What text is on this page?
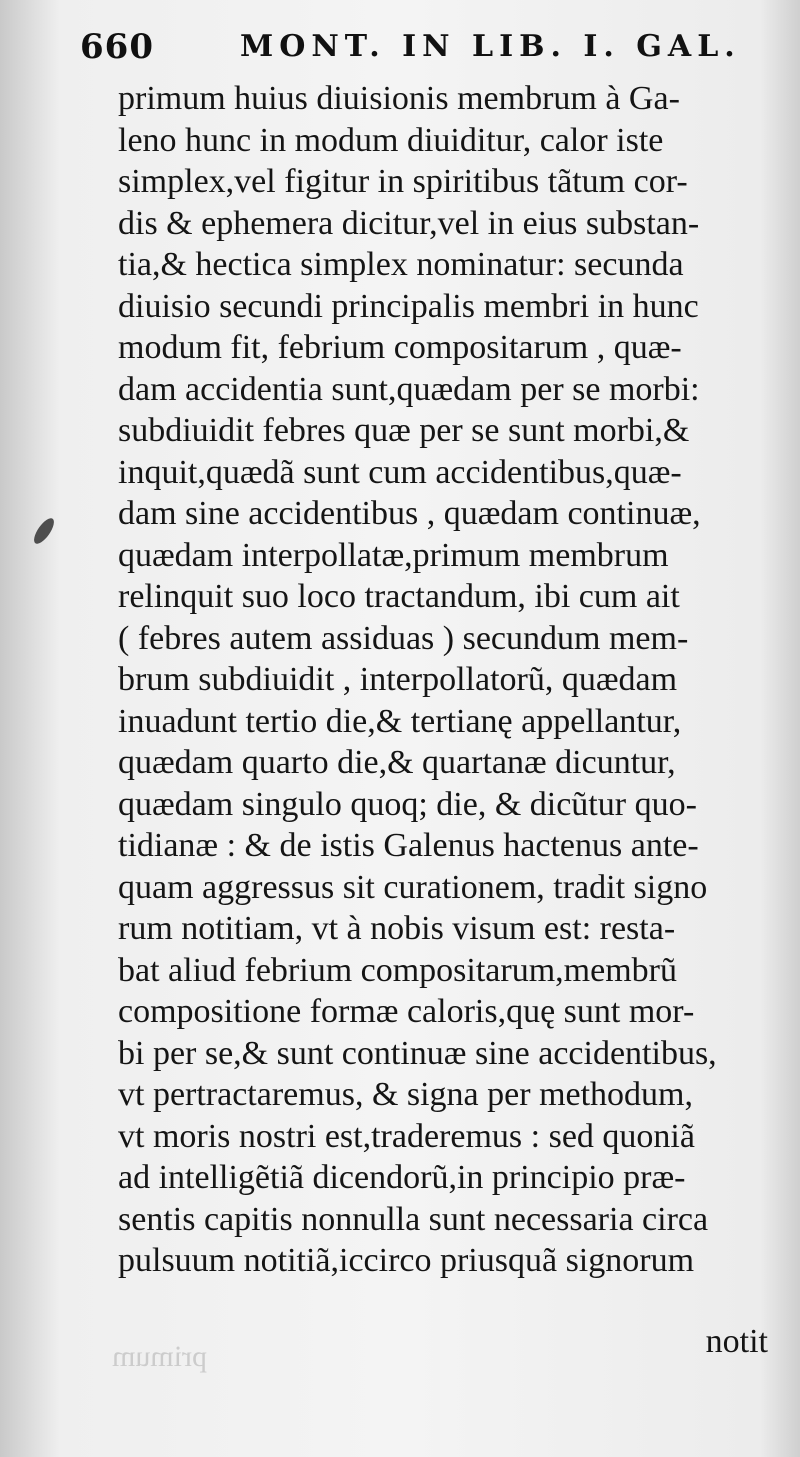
660	MONT. IN LIB. I. GAL.
primum huius diuisionis membrum à Ga-
leno hunc in modum diuiditur, calor iste
simplex,vel figitur in spiritibus tãtum cor-
dis & ephemera dicitur,vel in eius substan-
tia,& hectica simplex nominatur: secunda
diuisio secundi principalis membri in hunc
modum fit, febrium compositarum , quæ-
dam accidentia sunt,quædam per se morbi:
subdiuidit febres quæ per se sunt morbi,&
inquit,quædã sunt cum accidentibus,quæ-
dam sine accidentibus , quædam continuæ,
quædam interpollatæ,primum membrum
relinquit suo loco tractandum, ibi cum ait
( febres autem assiduas ) secundum mem-
brum subdiuidit , interpollatorũ, quædam
inuadunt tertio die,& tertianę appellantur,
quædam quarto die,& quartanæ dicuntur,
quædam singulo quoq; die, & dicũtur quo-
tidianæ : & de istis Galenus hactenus ante-
quam aggressus sit curationem, tradit signo
rum notitiam, vt à nobis visum est: resta-
bat aliud febrium compositarum,membrũ
compositione formæ caloris,quę sunt mor-
bi per se,& sunt continuæ sine accidentibus,
vt pertractaremus, & signa per methodum,
vt moris nostri est,traderemus : sed quoniã
ad intelligẽtiã dicendorũ,in principio præ-
sentis capitis nonnulla sunt necessaria circa
pulsuum notitiã,iccirco priusquã signorum
notit
primum
